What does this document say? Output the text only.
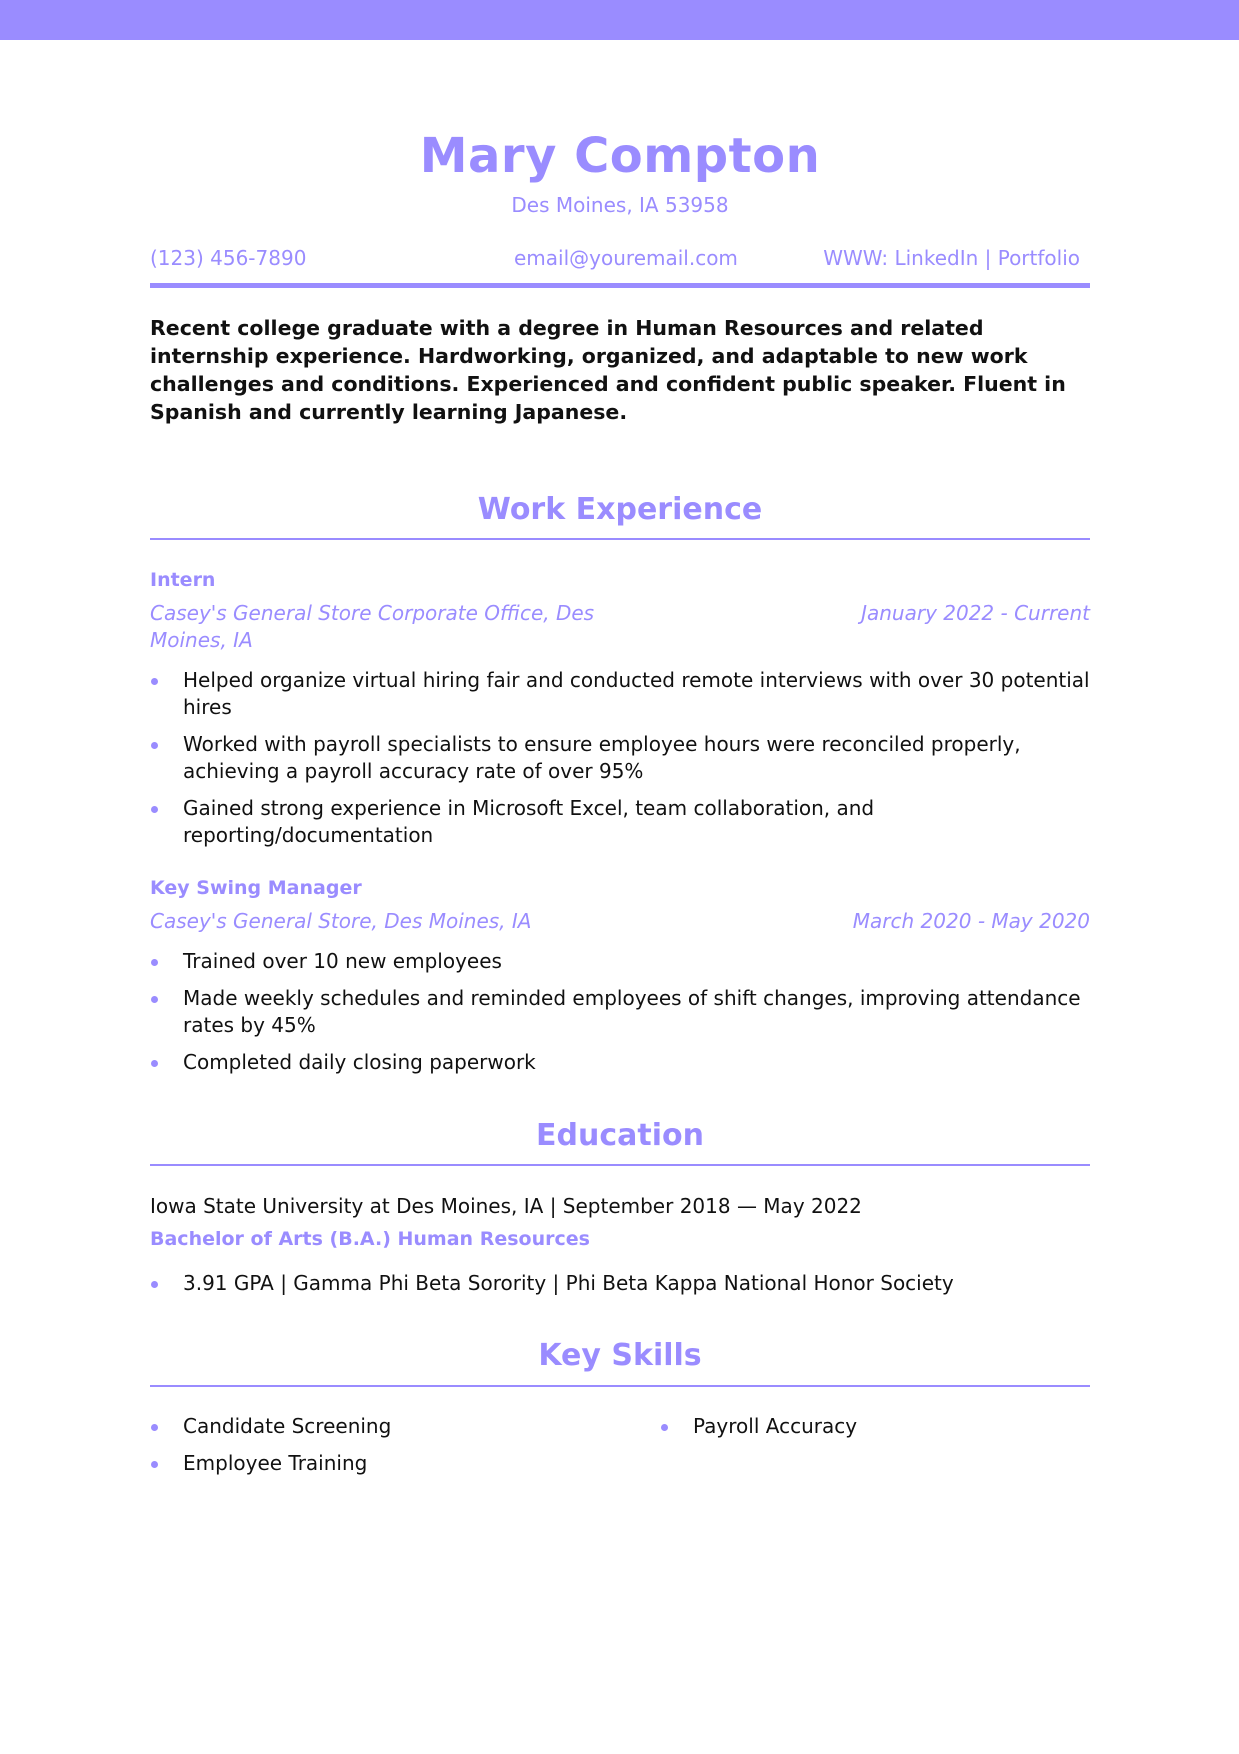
Mary Compton
Des Moines, IA 53958
(123) 456-7890	email@youremail.com	WWW: LinkedIn | Portfolio
Recent college graduate with a degree in Human Resources and related internship experience. Hardworking, organized, and adaptable to new work challenges and conditions. Experienced and confident public speaker. Fluent in Spanish and currently learning Japanese.
Work Experience
Intern
Casey's General Store Corporate Office, Des Moines, IA
January 2022 - Current
Helped organize virtual hiring fair and conducted remote interviews with over 30 potential hires
Worked with payroll specialists to ensure employee hours were reconciled properly, achieving a payroll accuracy rate of over 95%
Gained strong experience in Microsoft Excel, team collaboration, and reporting/documentation
Key Swing Manager
Casey's General Store, Des Moines, IA	March 2020 - May 2020
Trained over 10 new employees
Made weekly schedules and reminded employees of shift changes, improving attendance rates by 45%
Completed daily closing paperwork
Education
Iowa State University at Des Moines, IA | September 2018 — May 2022
Bachelor of Arts (B.A.) Human Resources
3.91 GPA | Gamma Phi Beta Sorority | Phi Beta Kappa National Honor Society
Key Skills
Candidate Screening
Employee Training
Payroll Accuracy
